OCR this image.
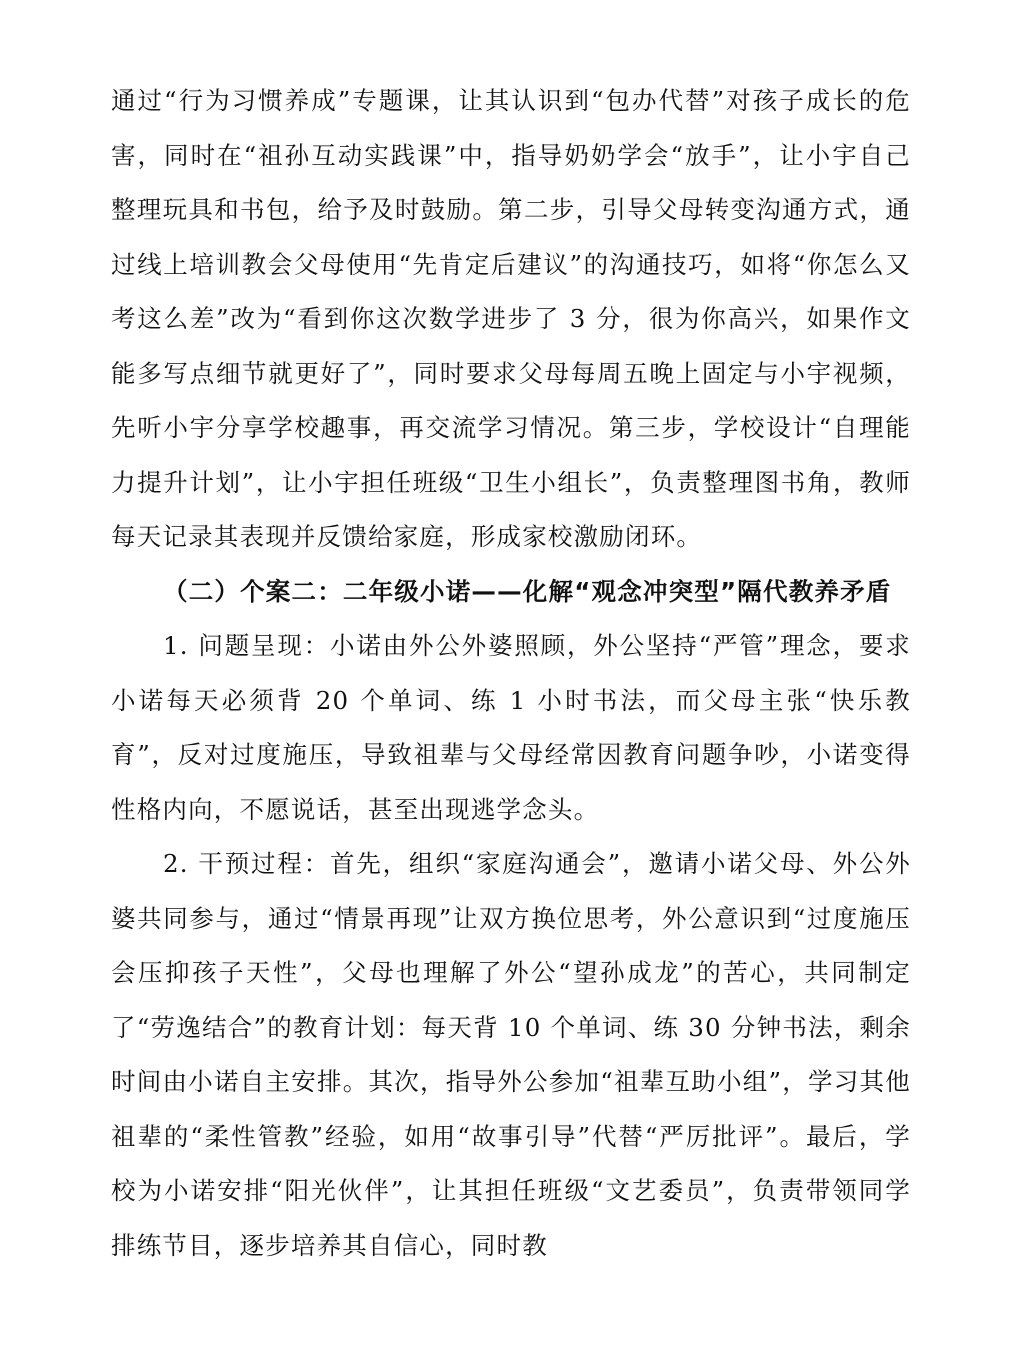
通过“行为习惯养成”专题课，让其认识到“包办代替”对孩子成长的危害，同时在“祖孙互动实践课”中，指导奶奶学会“放手”，让小宇自己整理玩具和书包，给予及时鼓励。第二步，引导父母转变沟通方式，通过线上培训教会父母使用“先肯定后建议”的沟通技巧，如将“你怎么又考这么差”改为“看到你这次数学进步了 3 分，很为你高兴，如果作文能多写点细节就更好了”，同时要求父母每周五晚上固定与小宇视频，先听小宇分享学校趣事，再交流学习情况。第三步，学校设计“自理能力提升计划”，让小宇担任班级“卫生小组长”，负责整理图书角，教师每天记录其表现并反馈给家庭，形成家校激励闭环。

（二）个案二：二年级小诺——化解“观念冲突型”隔代教养矛盾

1. 问题呈现：小诺由外公外婆照顾，外公坚持“严管”理念，要求小诺每天必须背 20 个单词、练 1 小时书法，而父母主张“快乐教育”，反对过度施压，导致祖辈与父母经常因教育问题争吵，小诺变得性格内向，不愿说话，甚至出现逃学念头。

2. 干预过程：首先，组织“家庭沟通会”，邀请小诺父母、外公外婆共同参与，通过“情景再现”让双方换位思考，外公意识到“过度施压会压抑孩子天性”，父母也理解了外公“望孙成龙”的苦心，共同制定了“劳逸结合”的教育计划：每天背 10 个单词、练 30 分钟书法，剩余时间由小诺自主安排。其次，指导外公参加“祖辈互助小组”，学习其他祖辈的“柔性管教”经验，如用“故事引导”代替“严厉批评”。最后，学校为小诺安排“阳光伙伴”，让其担任班级“文艺委员”，负责带领同学排练节目，逐步培养其自信心，同时教
